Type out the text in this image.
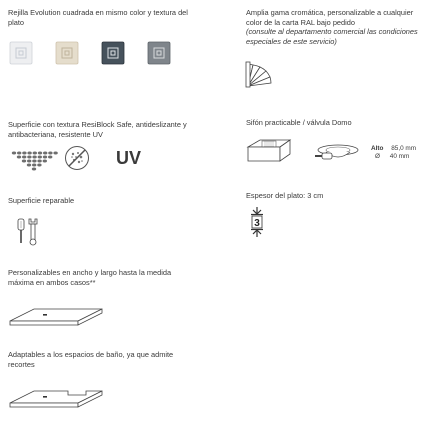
Rejilla Evolution cuadrada en mismo color y textura del plato

Amplia gama cromática, personalizable a cualquier color de la carta RAL bajo pedido

(consulte al departamento comercial las condiciones especiales de este servicio)

Superficie con textura ResiBlock Safe, antideslizante y antibacteriana, resistente UV

UV

Sifón practicable / válvula Domo

Alto 85,0 mm
Ø 40 mm

Superficie reparable

Espesor del plato: 3 cm

3

Personalizables en ancho y largo hasta la medida máxima en ambos casos**

Adaptables a los espacios de baño, ya que admite recortes
